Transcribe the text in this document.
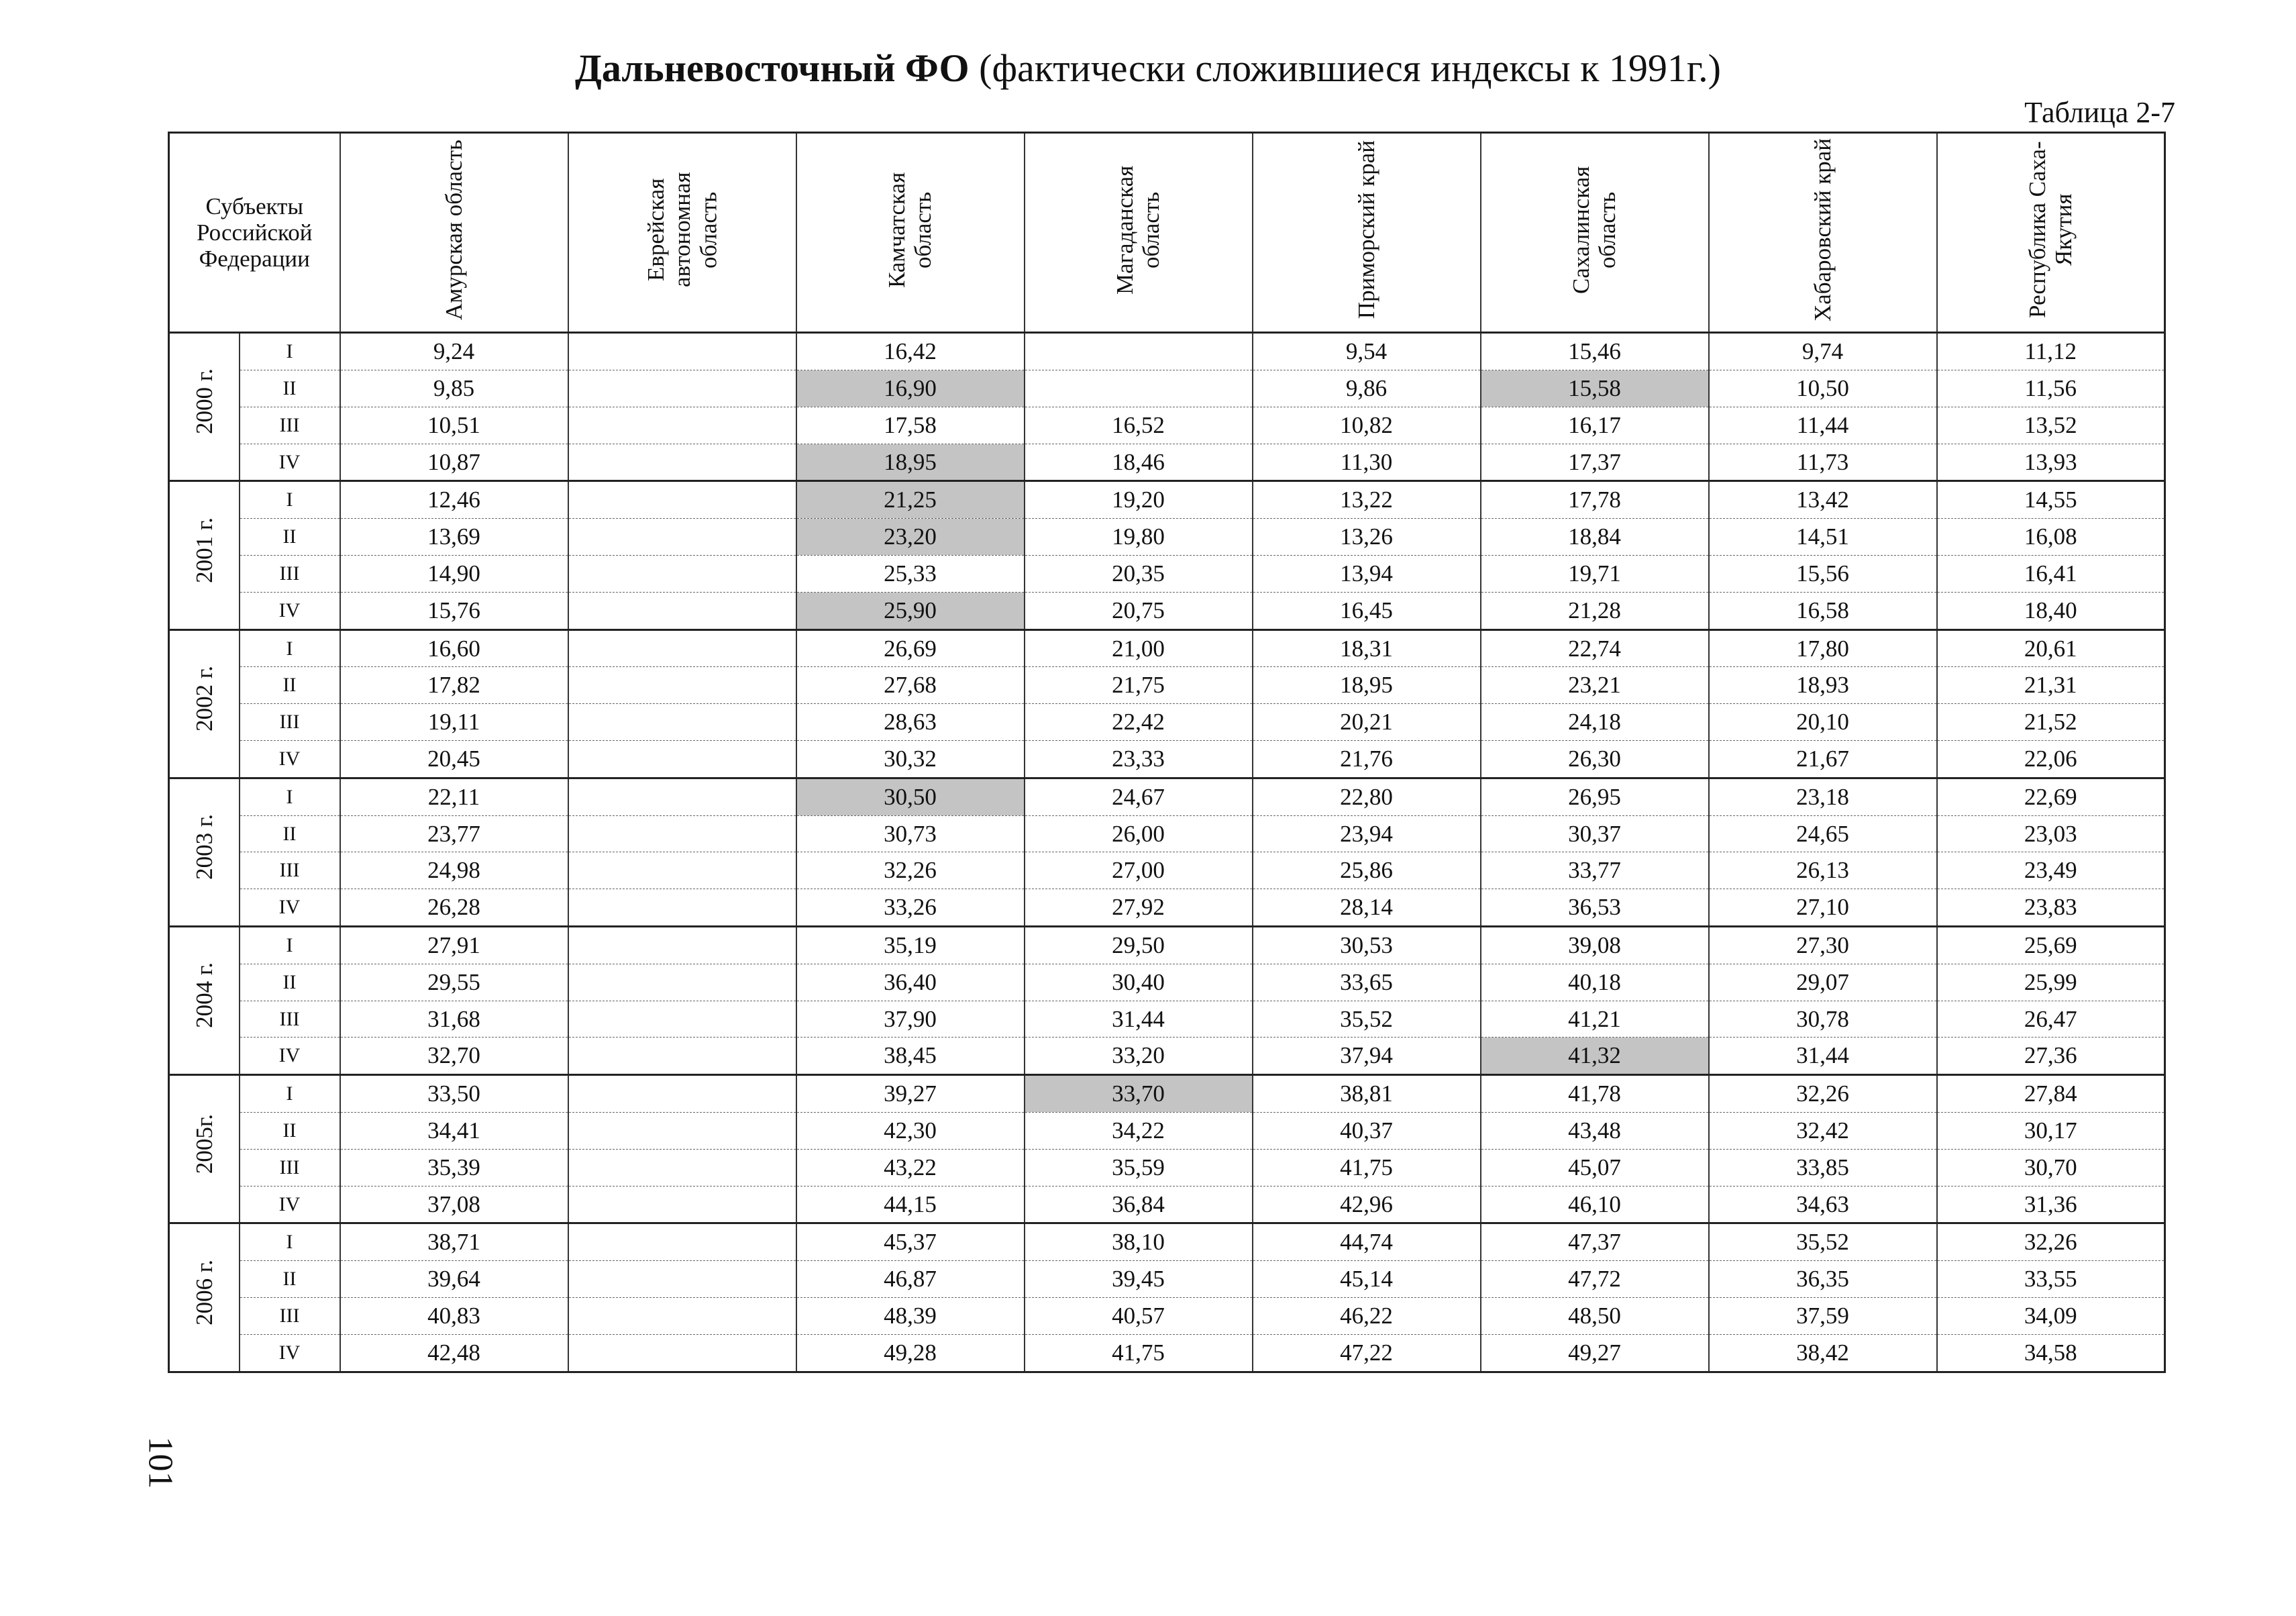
Дальневосточный ФО (фактически сложившиеся индексы к 1991г.)
Таблица 2-7
Субъекты Российской Федерации		Амурская область	Еврейская автономная область	Камчатская область	Магаданская область	Приморский край	Сахалинская область	Хабаровский край	Республика Саха-Якутия
2000 г.	I	9,24		16,42		9,54	15,46	9,74	11,12
	II	9,85		16,90		9,86	15,58	10,50	11,56
	III	10,51		17,58	16,52	10,82	16,17	11,44	13,52
	IV	10,87		18,95	18,46	11,30	17,37	11,73	13,93
2001 г.	I	12,46		21,25	19,20	13,22	17,78	13,42	14,55
	II	13,69		23,20	19,80	13,26	18,84	14,51	16,08
	III	14,90		25,33	20,35	13,94	19,71	15,56	16,41
	IV	15,76		25,90	20,75	16,45	21,28	16,58	18,40
2002 г.	I	16,60		26,69	21,00	18,31	22,74	17,80	20,61
	II	17,82		27,68	21,75	18,95	23,21	18,93	21,31
	III	19,11		28,63	22,42	20,21	24,18	20,10	21,52
	IV	20,45		30,32	23,33	21,76	26,30	21,67	22,06
2003 г.	I	22,11		30,50	24,67	22,80	26,95	23,18	22,69
	II	23,77		30,73	26,00	23,94	30,37	24,65	23,03
	III	24,98		32,26	27,00	25,86	33,77	26,13	23,49
	IV	26,28		33,26	27,92	28,14	36,53	27,10	23,83
2004 г.	I	27,91		35,19	29,50	30,53	39,08	27,30	25,69
	II	29,55		36,40	30,40	33,65	40,18	29,07	25,99
	III	31,68		37,90	31,44	35,52	41,21	30,78	26,47
	IV	32,70		38,45	33,20	37,94	41,32	31,44	27,36
2005г.	I	33,50		39,27	33,70	38,81	41,78	32,26	27,84
	II	34,41		42,30	34,22	40,37	43,48	32,42	30,17
	III	35,39		43,22	35,59	41,75	45,07	33,85	30,70
	IV	37,08		44,15	36,84	42,96	46,10	34,63	31,36
2006 г.	I	38,71		45,37	38,10	44,74	47,37	35,52	32,26
	II	39,64		46,87	39,45	45,14	47,72	36,35	33,55
	III	40,83		48,39	40,57	46,22	48,50	37,59	34,09
	IV	42,48		49,28	41,75	47,22	49,27	38,42	34,58
101
